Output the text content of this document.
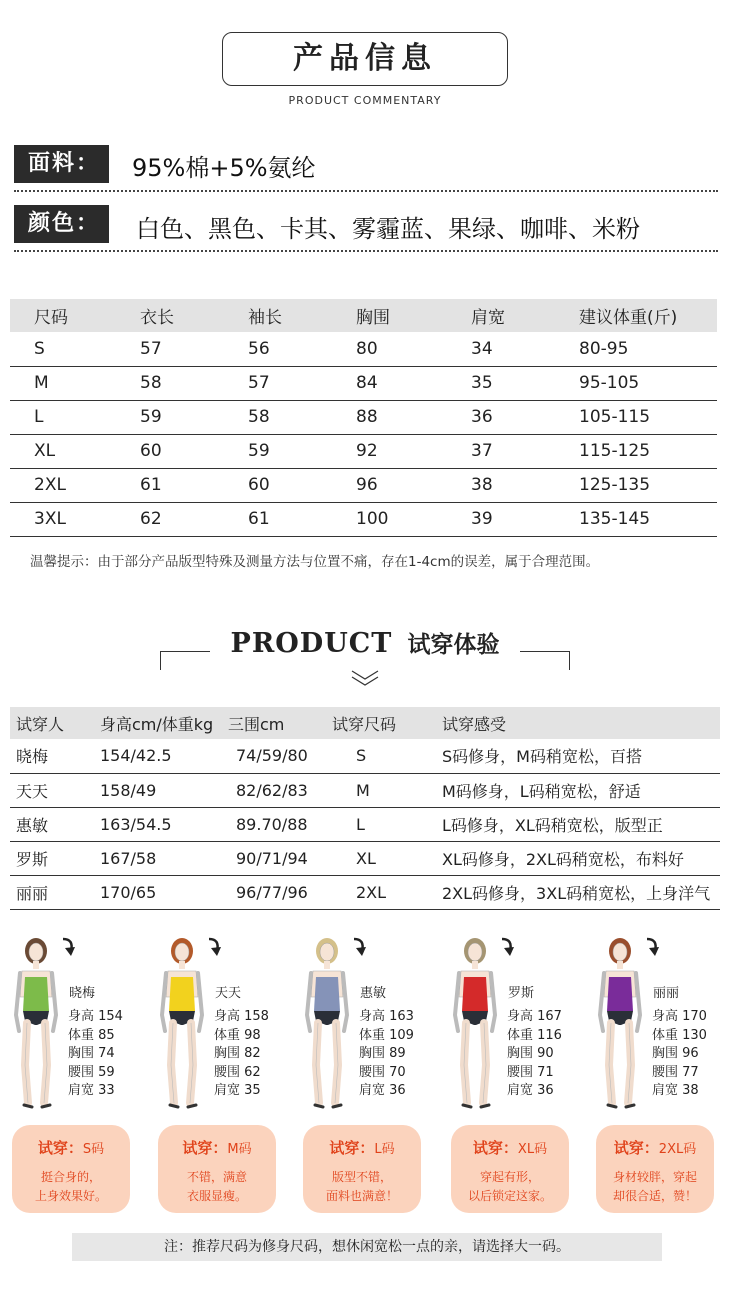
产品信息
PRODUCT COMMENTARY
面料：	95%棉+5%氨纶
颜色：	白色、黑色、卡其、雾霾蓝、果绿、咖啡、米粉
尺码	衣长	袖长	胸围	肩宽	建议体重(斤)
S	57	56	80	34	80-95
M	58	57	84	35	95-105
L	59	58	88	36	105-115
XL	60	59	92	37	115-125
2XL	61	60	96	38	125-135
3XL	62	61	100	39	135-145
温馨提示：由于部分产品版型特殊及测量方法与位置不痛，存在1-4cm的误差，属于合理范围。
PRODUCT 试穿体验
试穿人	身高cm/体重kg	三围cm	试穿尺码	试穿感受
晓梅	154/42.5	74/59/80	S	S码修身，M码稍宽松，百搭
天天	158/49	82/62/83	M	M码修身，L码稍宽松，舒适
惠敏	163/54.5	89.70/88	L	L码修身，XL码稍宽松，版型正
罗斯	167/58	90/71/94	XL	XL码修身，2XL码稍宽松，布料好
丽丽	170/65	96/77/96	2XL	2XL码修身，3XL码稍宽松，上身洋气
晓梅
身高 154
体重 85
胸围 74
腰围 59
肩宽 33
试穿：S码
挺合身的，
上身效果好。
天天
身高 158
体重 98
胸围 82
腰围 62
肩宽 35
试穿：M码
不错，满意
衣服显瘦。
惠敏
身高 163
体重 109
胸围 89
腰围 70
肩宽 36
试穿：L码
版型不错，
面料也满意！
罗斯
身高 167
体重 116
胸围 90
腰围 71
肩宽 36
试穿：XL码
穿起有形，
以后锁定这家。
丽丽
身高 170
体重 130
胸围 96
腰围 77
肩宽 38
试穿：2XL码
身材较胖，穿起
却很合适，赞！
注：推荐尺码为修身尺码，想休闲宽松一点的亲，请选择大一码。
